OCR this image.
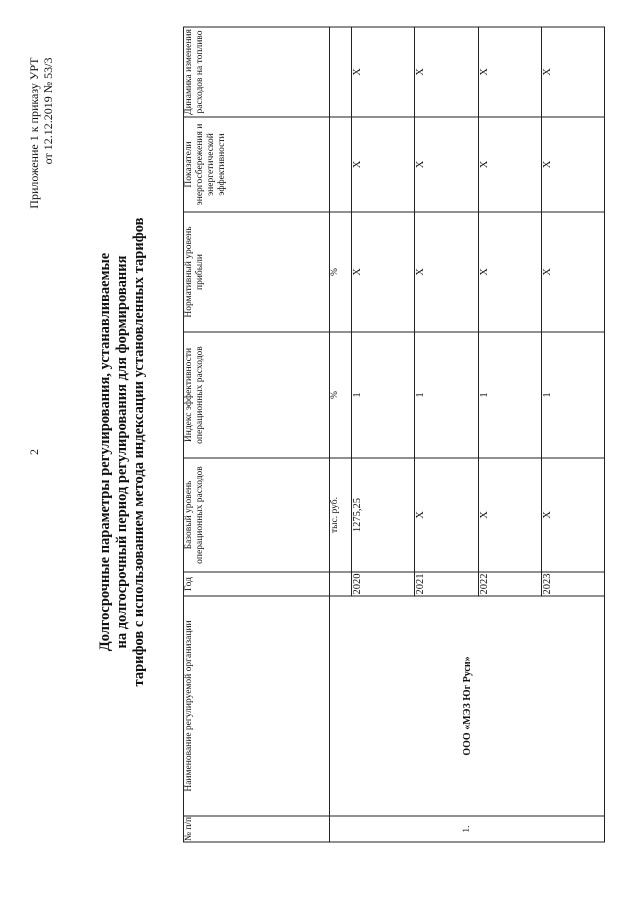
2
Приложение 1 к приказу УРТ от 12.12.2019 № 53/3
Долгосрочные параметры регулирования, устанавливаемые на долгосрочный период регулирования для формирования тарифов с использованием метода индексации установленных тарифов
№ п/п	Наименование регулируемой организации	Год	Базовый уровень операционных расходов	Индекс эффективности операционных расходов	Нормативный уровень прибыли	Показатели энергосбережения и энергетической эффективности	Динамика изменения расходов на топливо

1.	ООО «МЭЗ Юг Руси»		тыс. руб.	%	%		
		2020	1275,25	1	X	X	X
		2021	X	1	X	X	X
		2022	X	1	X	X	X
		2023	X	1	X	X	X
